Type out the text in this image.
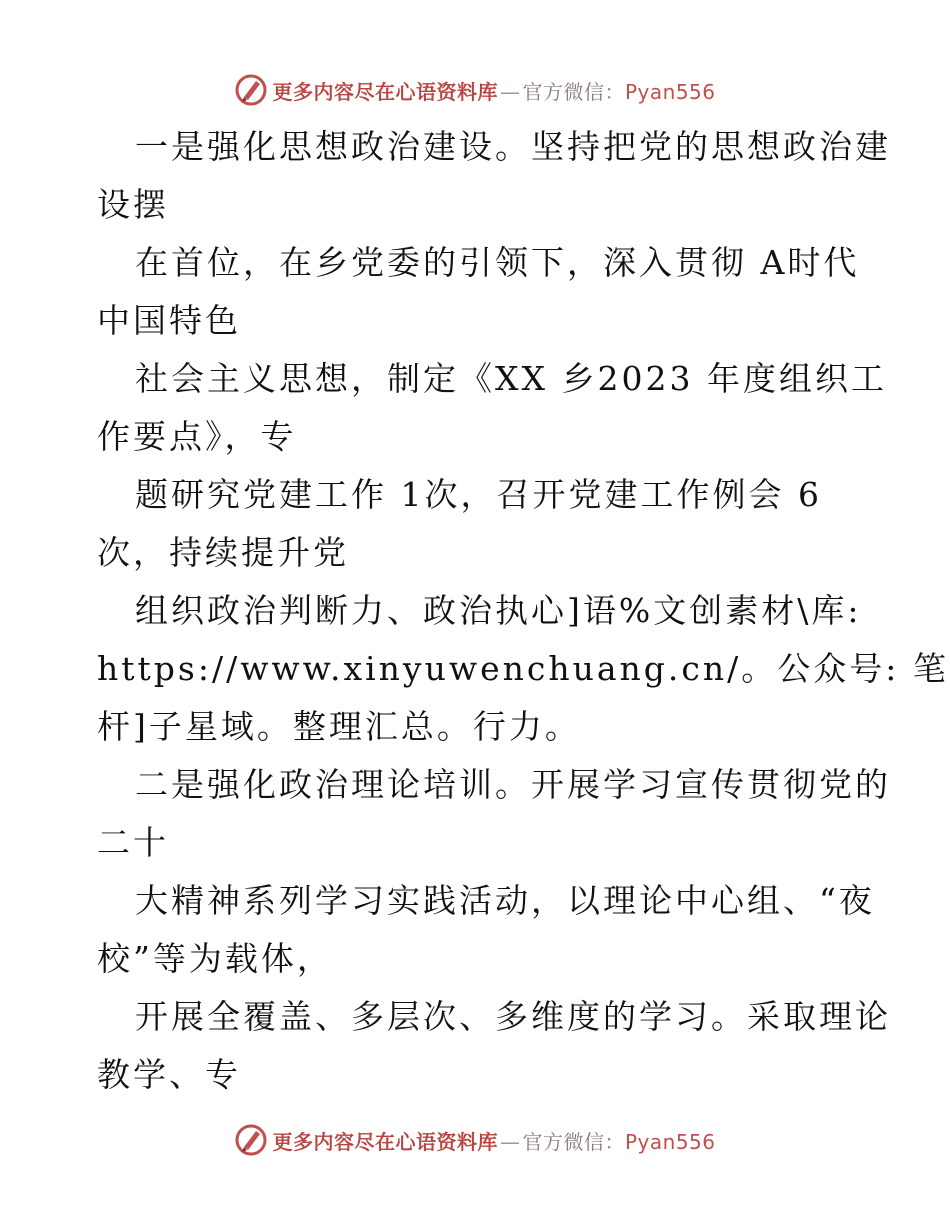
更多内容尽在心语资料库 — 官方微信：Pyan556
一是强化思想政治建设。坚持把党的思想政治建
设摆
在首位，在乡党委的引领下，深入贯彻 A时代
中国特色
社会主义思想，制定《XX 乡2023 年度组织工
作要点》，专
题研究党建工作 1次，召开党建工作例会 6
次，持续提升党
组织政治判断力、政治执心]语%文创素材\库:
https://www.xinyuwenchuang.cn/。公众号: 笔
杆]子星域。整理汇总。行力。
二是强化政治理论培训。开展学习宣传贯彻党的
二十
大精神系列学习实践活动，以理论中心组、“夜
校”等为载体，
开展全覆盖、多层次、多维度的学习。采取理论
教学、专
更多内容尽在心语资料库 — 官方微信：Pyan556
